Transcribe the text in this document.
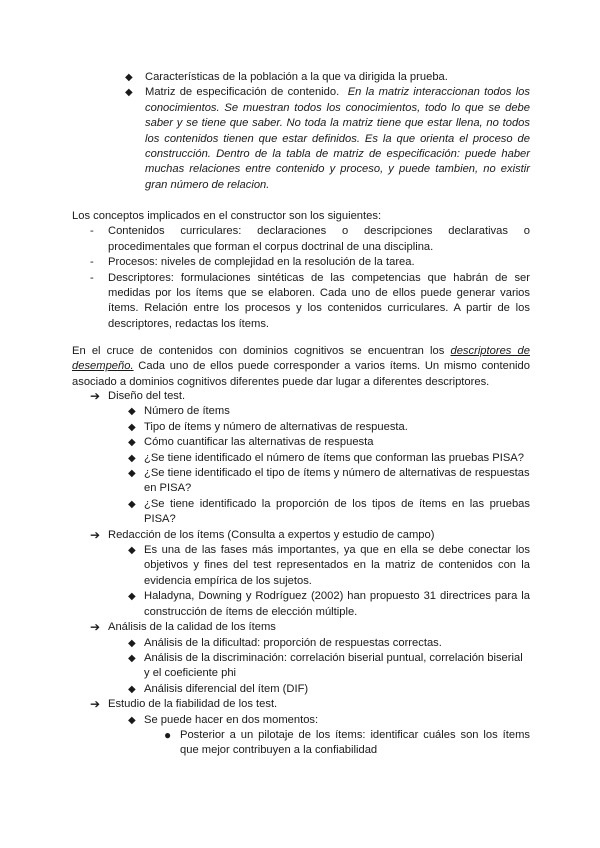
◆ Características de la población a la que va dirigida la prueba.

◆ Matriz de especificación de contenido. En la matriz interaccionan todos los conocimientos. Se muestran todos los conocimientos, todo lo que se debe saber y se tiene que saber. No toda la matriz tiene que estar llena, no todos los contenidos tienen que estar definidos. Es la que orienta el proceso de construcción. Dentro de la tabla de matriz de especificación: puede haber muchas relaciones entre contenido y proceso, y puede tambien, no existir gran número de relacion.

Los conceptos implicados en el constructor son los siguientes:

- Contenidos curriculares: declaraciones o descripciones declarativas o procedimentales que forman el corpus doctrinal de una disciplina.

- Procesos: niveles de complejidad en la resolución de la tarea.

- Descriptores: formulaciones sintéticas de las competencias que habrán de ser medidas por los ítems que se elaboren. Cada uno de ellos puede generar varios ítems. Relación entre los procesos y los contenidos curriculares. A partir de los descriptores, redactas los ítems.

En el cruce de contenidos con dominios cognitivos se encuentran los descriptores de desempeño. Cada uno de ellos puede corresponder a varios ítems. Un mismo contenido asociado a dominios cognitivos diferentes puede dar lugar a diferentes descriptores.

➔ Diseño del test.

◆ Número de ítems

◆ Tipo de ítems y número de alternativas de respuesta.

◆ Cómo cuantificar las alternativas de respuesta

◆ ¿Se tiene identificado el número de ítems que conforman las pruebas PISA?

◆ ¿Se tiene identificado el tipo de ítems y número de alternativas de respuestas en PISA?

◆ ¿Se tiene identificado la proporción de los tipos de ítems en las pruebas PISA?

➔ Redacción de los ítems (Consulta a expertos y estudio de campo)

◆ Es una de las fases más importantes, ya que en ella se debe conectar los objetivos y fines del test representados en la matriz de contenidos con la evidencia empírica de los sujetos.

◆ Haladyna, Downing y Rodríguez (2002) han propuesto 31 directrices para la construcción de ítems de elección múltiple.

➔ Análisis de la calidad de los ítems

◆ Análisis de la dificultad: proporción de respuestas correctas.

◆ Análisis de la discriminación: correlación biserial puntual, correlación biserial y el coeficiente phi

◆ Análisis diferencial del ítem (DIF)

➔ Estudio de la fiabilidad de los test.

◆ Se puede hacer en dos momentos:

● Posterior a un pilotaje de los ítems: identificar cuáles son los ítems que mejor contribuyen a la confiabilidad
